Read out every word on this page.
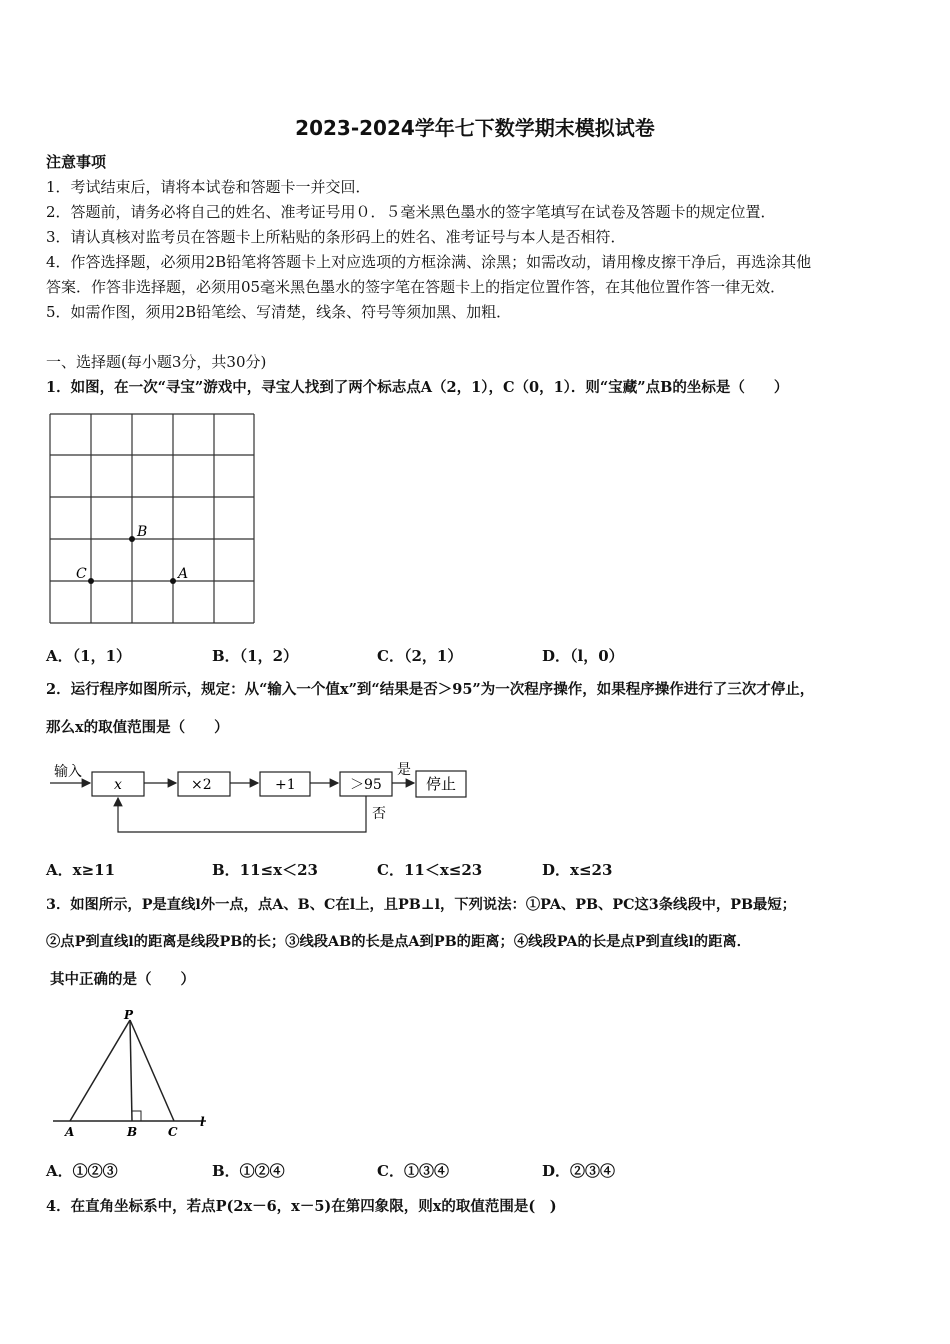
2023-2024学年七下数学期末模拟试卷
注意事项
1．考试结束后，请将本试卷和答题卡一并交回．
2．答题前，请务必将自己的姓名、准考证号用０．５毫米黑色墨水的签字笔填写在试卷及答题卡的规定位置．
3．请认真核对监考员在答题卡上所粘贴的条形码上的姓名、准考证号与本人是否相符．
4．作答选择题，必须用2B铅笔将答题卡上对应选项的方框涂满、涂黑；如需改动，请用橡皮擦干净后，再选涂其他
答案．作答非选择题，必须用05毫米黑色墨水的签字笔在答题卡上的指定位置作答，在其他位置作答一律无效．
5．如需作图，须用2B铅笔绘、写清楚，线条、符号等须加黑、加粗．
一、选择题(每小题3分，共30分)
1．如图，在一次“寻宝”游戏中，寻宝人找到了两个标志点A（2，1），C（0，1）．则“宝藏”点B的坐标是（　　）
B
C	A
A．（1，1）	B．（1，2）	C．（2，1）	D．（l，0）
2．运行程序如图所示，规定：从“输入一个值x”到“结果是否＞95”为一次程序操作，如果程序操作进行了三次才停止，
那么x的取值范围是（　　）
输入
x	×2	+1	＞95
是
否
停止
A．x≥11	B．11≤x＜23	C．11＜x≤23	D．x≤23
3．如图所示，P是直线l外一点，点A、B、C在l上，且PB⊥l，下列说法：①PA、PB、PC这3条线段中，PB最短；
②点P到直线l的距离是线段PB的长；③线段AB的长是点A到PB的距离；④线段PA的长是点P到直线l的距离．
其中正确的是（　　）
P
A	B	C
l
A．①②③	B．①②④	C．①③④	D．②③④
4．在直角坐标系中，若点P(2x－6，x－5)在第四象限，则x的取值范围是(　)
